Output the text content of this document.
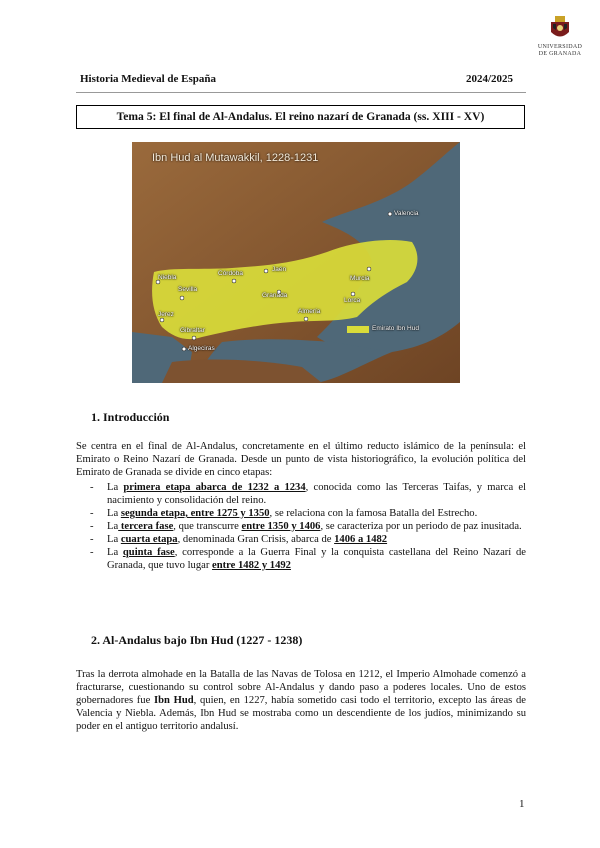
UNIVERSIDAD
DE GRANADA
Historia Medieval de España	2024/2025
Tema 5: El final de Al-Andalus. El reino nazarí de Granada (ss. XIII - XV)
Ibn Hud al Mutawakkil, 1228-1231
Valencia
Jaén
Córdoba
Niebla
Sevilla
Murcia
Granada
Lorca
Jerez	Almería
Gibraltar
Algeciras
Emirato Ibn Hud
1. Introducción

Se centra en el final de Al-Andalus, concretamente en el último reducto islámico de la península: el Emirato o Reino Nazarí de Granada. Desde un punto de vista historiográfico, la evolución política del Emirato de Granada se divide en cinco etapas:

- La primera etapa abarca de 1232 a 1234, conocida como las Terceras Taifas, y marca el nacimiento y consolidación del reino.
- La segunda etapa, entre 1275 y 1350, se relaciona con la famosa Batalla del Estrecho.
- La tercera fase, que transcurre entre 1350 y 1406, se caracteriza por un periodo de paz inusitada.
- La cuarta etapa, denominada Gran Crisis, abarca de 1406 a 1482
- La quinta fase, corresponde a la Guerra Final y la conquista castellana del Reino Nazarí de Granada, que tuvo lugar entre 1482 y 1492
2. Al-Andalus bajo Ibn Hud (1227 - 1238)

Tras la derrota almohade en la Batalla de las Navas de Tolosa en 1212, el Imperio Almohade comenzó a fracturarse, cuestionando su control sobre Al-Andalus y dando paso a poderes locales. Uno de estos gobernadores fue Ibn Hud, quien, en 1227, había sometido casi todo el territorio, excepto las áreas de Valencia y Niebla. Además, Ibn Hud se mostraba como un descendiente de los judíos, minimizando su poder en el antiguo territorio andalusí.

1
